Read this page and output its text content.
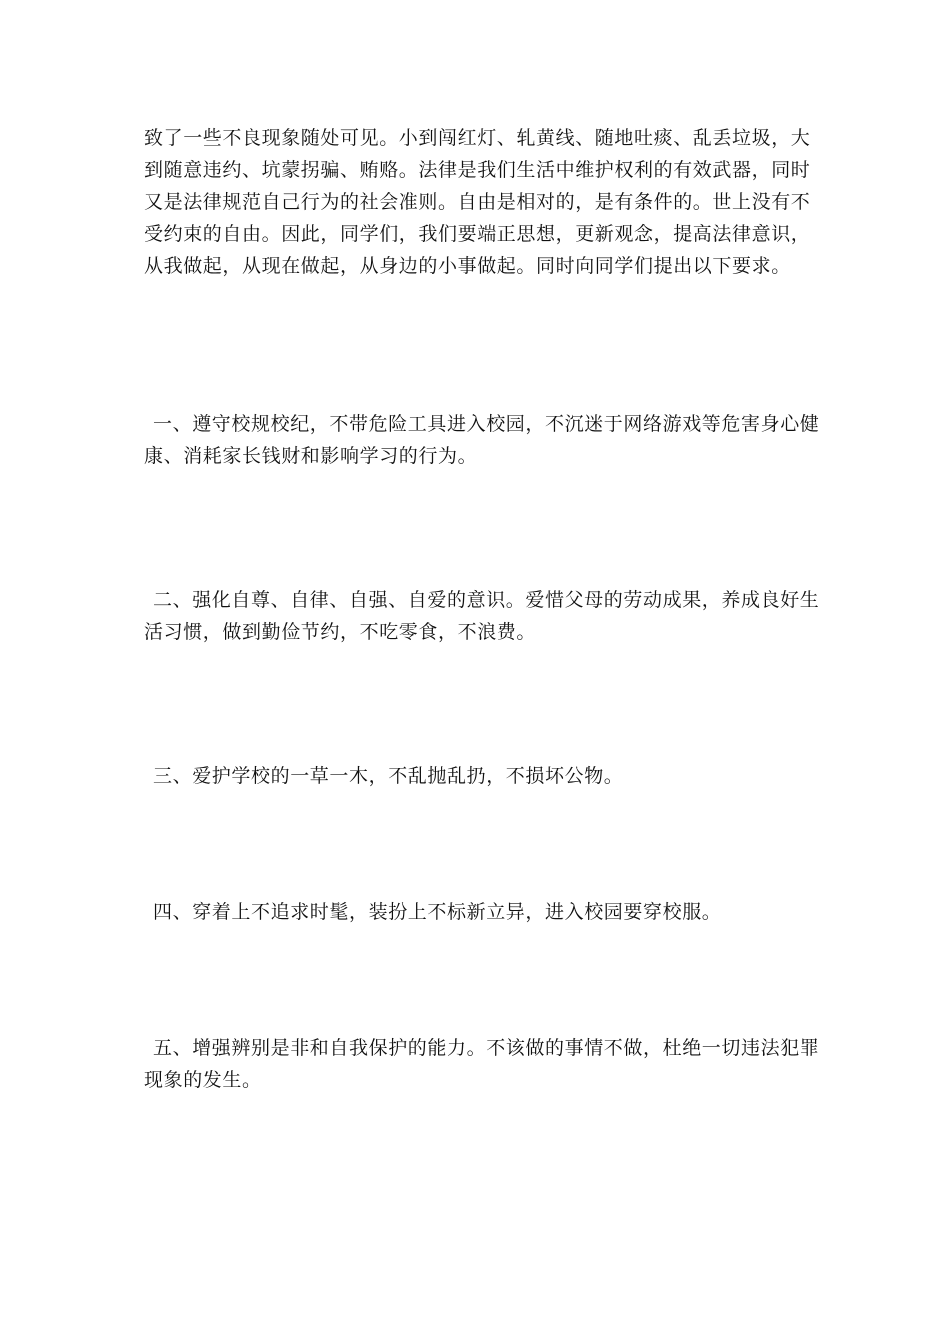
致了一些不良现象随处可见。小到闯红灯、轧黄线、随地吐痰、乱丢垃圾，大
到随意违约、坑蒙拐骗、贿赂。法律是我们生活中维护权利的有效武器，同时
又是法律规范自己行为的社会准则。自由是相对的，是有条件的。世上没有不
受约束的自由。因此，同学们，我们要端正思想，更新观念，提高法律意识，
从我做起，从现在做起，从身边的小事做起。同时向同学们提出以下要求。

一、遵守校规校纪，不带危险工具进入校园，不沉迷于网络游戏等危害身心健
康、消耗家长钱财和影响学习的行为。

二、强化自尊、自律、自强、自爱的意识。爱惜父母的劳动成果，养成良好生
活习惯，做到勤俭节约，不吃零食，不浪费。

三、爱护学校的一草一木，不乱抛乱扔，不损坏公物。

四、穿着上不追求时髦，装扮上不标新立异，进入校园要穿校服。

五、增强辨别是非和自我保护的能力。不该做的事情不做，杜绝一切违法犯罪
现象的发生。
